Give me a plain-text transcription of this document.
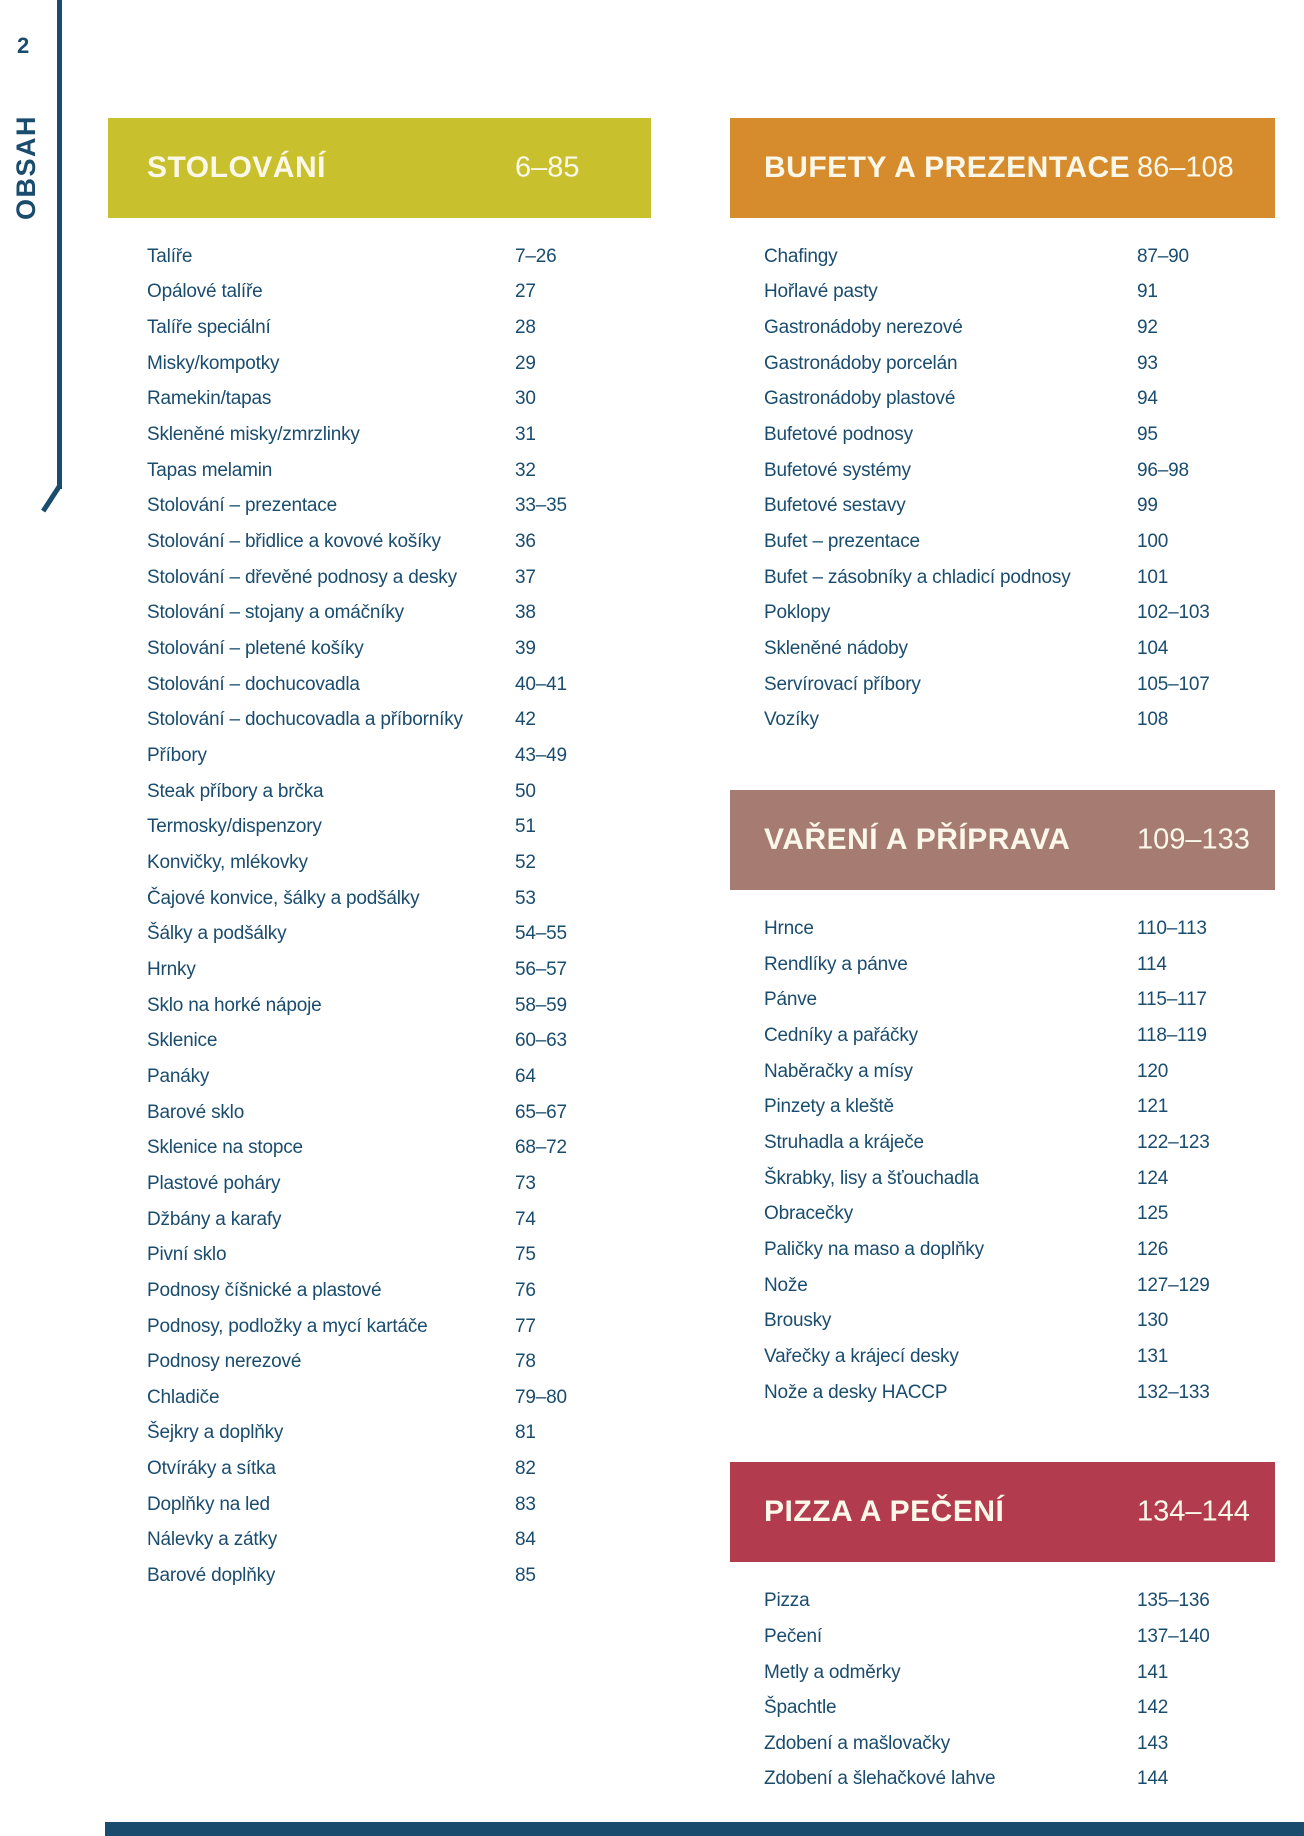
2
OBSAH	STOLOVÁNÍ	6–85
Talíře	7–26
Opálové talíře	27
Talíře speciální	28
Misky/kompotky	29
Ramekin/tapas	30
Skleněné misky/zmrzlinky	31
Tapas melamin	32
Stolování – prezentace	33–35
Stolování – břidlice a kovové košíky	36
Stolování – dřevěné podnosy a desky	37
Stolování – stojany a omáčníky	38
Stolování – pletené košíky	39
Stolování – dochucovadla	40–41
Stolování – dochucovadla a příborníky	42
Příbory	43–49
Steak příbory a brčka	50
Termosky/dispenzory	51
Konvičky, mlékovky	52
Čajové konvice, šálky a podšálky	53
Šálky a podšálky	54–55
Hrnky	56–57
Sklo na horké nápoje	58–59
Sklenice	60–63
Panáky	64
Barové sklo	65–67
Sklenice na stopce	68–72
Plastové poháry	73
Džbány a karafy	74
Pivní sklo	75
Podnosy číšnické a plastové	76
Podnosy, podložky a mycí kartáče	77
Podnosy nerezové	78
Chladiče	79–80
Šejkry a doplňky	81
Otvíráky a sítka	82
Doplňky na led	83
Nálevky a zátky	84
Barové doplňky	85
BUFETY A PREZENTACE 86–108
Chafingy	87–90
Hořlavé pasty	91
Gastronádoby nerezové	92
Gastronádoby porcelán	93
Gastronádoby plastové	94
Bufetové podnosy	95
Bufetové systémy	96–98
Bufetové sestavy	99
Bufet – prezentace	100
Bufet – zásobníky a chladicí podnosy	101
Poklopy	102–103
Skleněné nádoby	104
Servírovací příbory	105–107
Vozíky	108
VAŘENÍ A PŘÍPRAVA 109–133
Hrnce	110–113
Rendlíky a pánve	114
Pánve	115–117
Cedníky a pařáčky	118–119
Naběračky a mísy	120
Pinzety a kleště	121
Struhadla a kráječe	122–123
Škrabky, lisy a šťouchadla	124
Obracečky	125
Paličky na maso a doplňky	126
Nože	127–129
Brousky	130
Vařečky a krájecí desky	131
Nože a desky HACCP	132–133
PIZZA A PEČENÍ	134–144
Pizza	135–136
Pečení	137–140
Metly a odměrky	141
Špachtle	142
Zdobení a mašlovačky	143
Zdobení a šlehačkové lahve	144
